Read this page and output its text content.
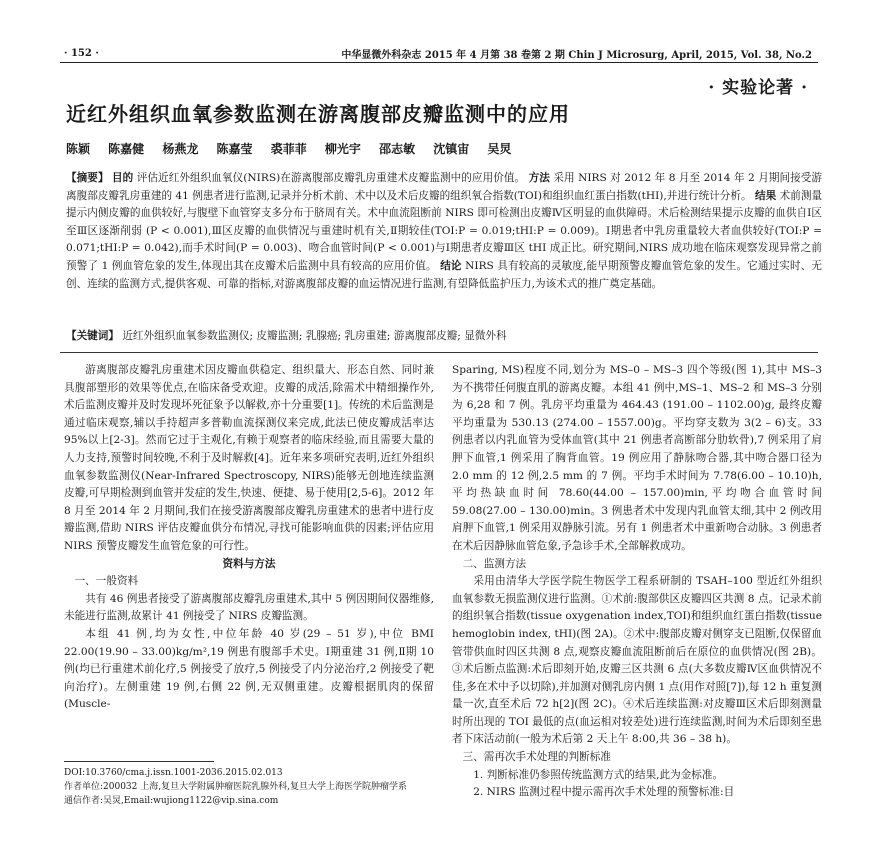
· 152 ·	中华显微外科杂志 2015 年 4 月第 38 卷第 2 期 Chin J Microsurg, April, 2015, Vol. 38, No.2
· 实验论著 ·
近红外组织血氧参数监测在游离腹部皮瓣监测中的应用
陈颖 陈嘉健 杨燕龙 陈嘉莹 裘菲菲 柳光宇 邵志敏 沈镇宙 吴炅
【摘要】 目的 评估近红外组织血氧仪(NIRS)在游离腹部皮瓣乳房重建术皮瓣监测中的应用价值。 方法 采用 NIRS 对 2012 年 8 月至 2014 年 2 月期间接受游离腹部皮瓣乳房重建的 41 例患者进行监测,记录并分析术前、术中以及术后皮瓣的组织氧合指数(TOI)和组织血红蛋白指数(tHI),并进行统计分析。 结果 术前测量提示内侧皮瓣的血供较好,与腹壁下血管穿支多分布于脐周有关。术中血流阻断前 NIRS 即可检测出皮瓣Ⅳ区明显的血供障碍。术后检测结果提示皮瓣的血供自Ⅰ区至Ⅲ区逐渐削弱 (P < 0.001),Ⅲ区皮瓣的血供情况与重建时机有关,Ⅱ期较佳(TOI:P = 0.019;tHI:P = 0.009)。Ⅰ期患者中乳房重量较大者血供较好(TOI:P = 0.071;tHI:P = 0.042),而手术时间(P = 0.003)、吻合血管时间(P < 0.001)与Ⅰ期患者皮瓣Ⅲ区 tHI 成正比。研究期间,NIRS 成功地在临床观察发现异常之前预警了 1 例血管危象的发生,体现出其在皮瓣术后监测中具有较高的应用价值。 结论 NIRS 具有较高的灵敏度,能早期预警皮瓣血管危象的发生。它通过实时、无创、连续的监测方式,提供客观、可靠的指标,对游离腹部皮瓣的血运情况进行监测,有望降低监护压力,为该术式的推广奠定基础。
【关键词】 近红外组织血氧参数监测仪; 皮瓣监测; 乳腺癌; 乳房重建; 游离腹部皮瓣; 显微外科

游离腹部皮瓣乳房重建术因皮瓣血供稳定、组织量大、形态自然、同时兼具腹部塑形的效果等优点,在临床备受欢迎。皮瓣的成活,除需术中精细操作外,术后监测皮瓣并及时发现坏死征象予以解救,亦十分重要[1]。传统的术后监测是通过临床观察,辅以手持超声多普勒血流探测仪来完成,此法已使皮瓣成活率达 95%以上[2-3]。然而它过于主观化,有赖于观察者的临床经验,而且需要大量的人力支持,预警时间较晚,不利于及时解救[4]。近年来多项研究表明,近红外组织血氧参数监测仪(Near-Infrared Spectroscopy, NIRS)能够无创地连续监测皮瓣,可早期检测到血管并发症的发生,快速、便捷、易于使用[2,5-6]。2012 年 8 月至 2014 年 2 月期间,我们在接受游离腹部皮瓣乳房重建术的患者中进行皮瓣监测,借助 NIRS 评估皮瓣血供分布情况,寻找可能影响血供的因素;评估应用 NIRS 预警皮瓣发生血管危象的可行性。

资料与方法

一、一般资料

共有 46 例患者接受了游离腹部皮瓣乳房重建术,其中 5 例因期间仪器维修,未能进行监测,故累计 41 例接受了 NIRS 皮瓣监测。

本组 41 例,均为女性,中位年龄 40 岁(29 – 51 岁),中位 BMI 22.00(19.90 – 33.00)kg/m²,19 例患有腹部手术史。Ⅰ期重建 31 例,Ⅱ期 10 例(均已行重建术前化疗,5 例接受了放疗,5 例接受了内分泌治疗,2 例接受了靶向治疗)。左侧重建 19 例,右侧 22 例,无双侧重建。皮瓣根据肌肉的保留(Muscle-

Sparing, MS)程度不同,划分为 MS–0 – MS–3 四个等级(图 1),其中 MS–3 为不携带任何腹直肌的游离皮瓣。本组 41 例中,MS–1、MS–2 和 MS–3 分别为 6,28 和 7 例。乳房平均重量为 464.43 (191.00 – 1102.00)g, 最终皮瓣平均重量为 530.13 (274.00 – 1557.00)g。平均穿支数为 3(2 – 6)支。33 例患者以内乳血管为受体血管(其中 21 例患者高断部分肋软骨),7 例采用了肩胛下血管,1 例采用了胸背血管。19 例应用了静脉吻合器,其中吻合器口径为 2.0 mm 的 12 例,2.5 mm 的 7 例。平均手术时间为 7.78(6.00 – 10.10)h,平均热缺血时间 78.60(44.00 – 157.00)min,平均吻合血管时间 59.08(27.00 – 130.00)min。3 例患者术中发现内乳血管太细,其中 2 例改用肩胛下血管,1 例采用双静脉引流。另有 1 例患者术中重新吻合动脉。3 例患者在术后因静脉血管危象,予急诊手术,全部解救成功。

二、监测方法

采用由清华大学医学院生物医学工程系研制的 TSAH–100 型近红外组织血氧参数无损监测仪进行监测。①术前:腹部供区皮瓣四区共测 8 点。记录术前的组织氧合指数(tissue oxygenation index,TOI)和组织血红蛋白指数(tissue hemoglobin index, tHI)(图 2A)。②术中:腹部皮瓣对侧穿支已阻断,仅保留血管带供血时四区共测 8 点,观察皮瓣血流阻断前后在原位的血供情况(图 2B)。③术后断点监测:术后即刻开始,皮瓣三区共测 6 点(大多数皮瓣Ⅳ区血供情况不佳,多在术中予以切除),并加测对侧乳房内侧 1 点(用作对照[7]),每 12 h 重复测量一次,直至术后 72 h[2](图 2C)。④术后连续监测:对皮瓣Ⅲ区术后即刻测量时所出现的 TOI 最低的点(血运相对较差处)进行连续监测,时间为术后即刻至患者下床活动前(一般为术后第 2 天上午 8:00,共 36 – 38 h)。

三、需再次手术处理的判断标准

1. 判断标准仍参照传统监测方式的结果,此为金标准。

2. NIRS 监测过程中提示需再次手术处理的预警标准:目

DOI:10.3760/cma.j.issn.1001-2036.2015.02.013
作者单位:200032 上海,复旦大学附属肿瘤医院乳腺外科,复旦大学上海医学院肿瘤学系
通信作者:吴炅,Email:wujiong1122@vip.sina.com
